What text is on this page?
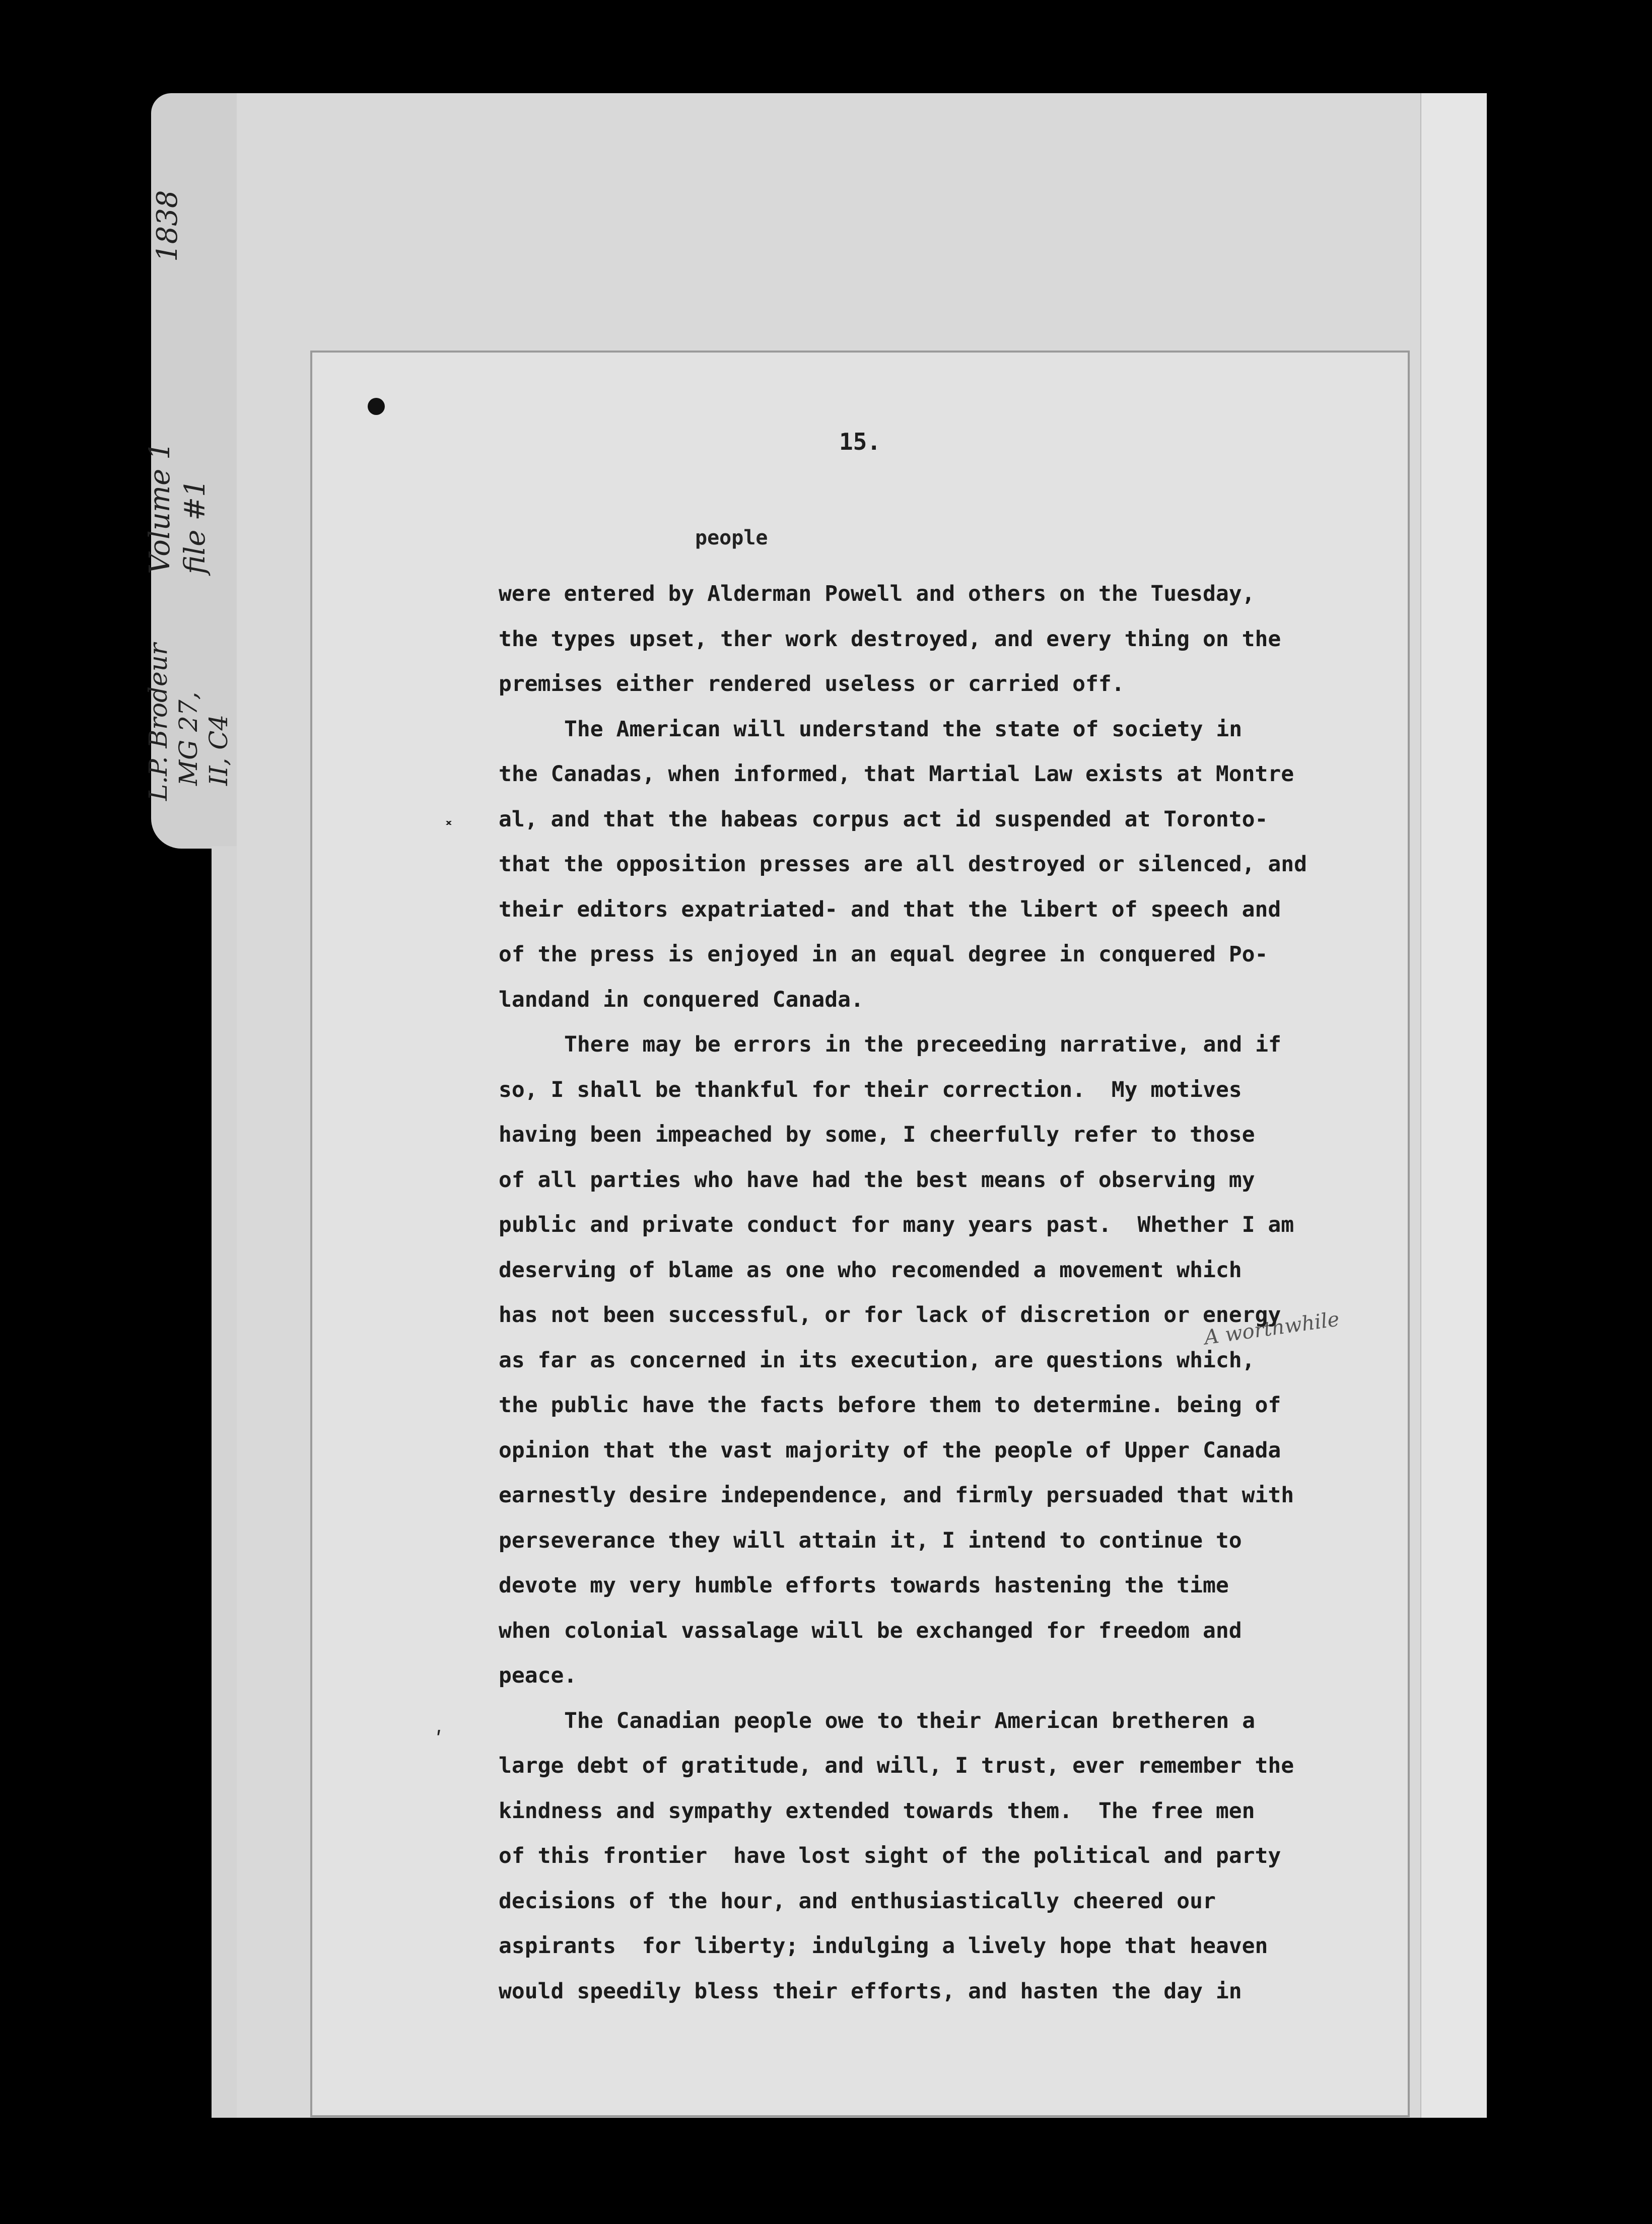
1838
Volume 1 file #1
L.P. Brodeur MG 27, II, C4
15.
people
A worthwhile
were entered by Alderman Powell and others on the Tuesday,
the types upset, ther work destroyed, and every thing on the
premises either rendered useless or carried off.
The American will understand the state of society in
the Canadas, when informed, that Martial Law exists at Montre
al, and that the habeas corpus act id suspended at Toronto-
that the opposition presses are all destroyed or silenced, and
their editors expatriated- and that the libert of speech and
of the press is enjoyed in an equal degree in conquered Po-
landand in conquered Canada.
There may be errors in the preceeding narrative, and if
so, I shall be thankful for their correction.  My motives
having been impeached by some, I cheerfully refer to those
of all parties who have had the best means of observing my
public and private conduct for many years past.  Whether I am
deserving of blame as one who recomended a movement which
has not been successful, or for lack of discretion or energy
as far as concerned in its execution, are questions which,
the public have the facts before them to determine. being of
opinion that the vast majority of the people of Upper Canada
earnestly desire independence, and firmly persuaded that with
perseverance they will attain it, I intend to continue to
devote my very humble efforts towards hastening the time
when colonial vassalage will be exchanged for freedom and
peace.
The Canadian people owe to their American bretheren a
large debt of gratitude, and will, I trust, ever remember the
kindness and sympathy extended towards them.  The free men
of this frontier  have lost sight of the political and party
decisions of the hour, and enthusiastically cheered our
aspirants  for liberty; indulging a lively hope that heaven
would speedily bless their efforts, and hasten the day in
˟
ʹ
